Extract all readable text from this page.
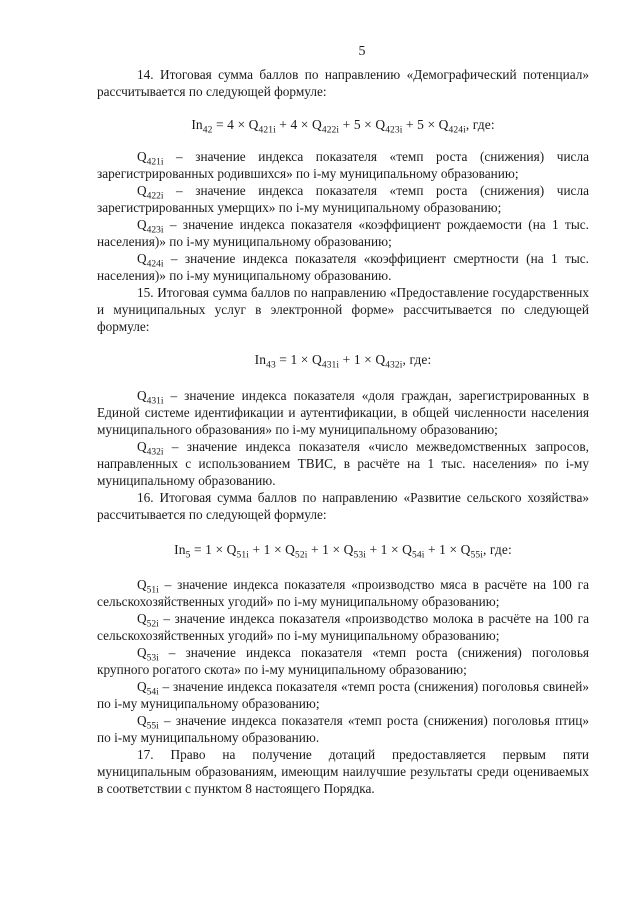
5

14. Итоговая сумма баллов по направлению «Демографический потенциал» рассчитывается по следующей формуле:

$In_{42} = 4 \times Q_{421i} + 4 \times Q_{422i} + 5 \times Q_{423i} + 5 \times Q_{424i}$, где:

$Q_{421i}$ – значение индекса показателя «темп роста (снижения) числа зарегистрированных родившихся» по i-му муниципальному образованию;

$Q_{422i}$ – значение индекса показателя «темп роста (снижения) числа зарегистрированных умерщих» по i-му муниципальному образованию;

$Q_{423i}$ – значение индекса показателя «коэффициент рождаемости (на 1 тыс. населения)» по i-му муниципальному образованию;

$Q_{424i}$ – значение индекса показателя «коэффициент смертности (на 1 тыс. населения)» по i-му муниципальному образованию.

15. Итоговая сумма баллов по направлению «Предоставление государственных и муниципальных услуг в электронной форме» рассчитывается по следующей формуле:

$In_{43} = 1 \times Q_{431i} + 1 \times Q_{432i}$, где:

$Q_{431i}$ – значение индекса показателя «доля граждан, зарегистрированных в Единой системе идентификации и аутентификации, в общей численности населения муниципального образования» по i-му муниципальному образованию;

$Q_{432i}$ – значение индекса показателя «число межведомственных запросов, направленных с использованием ТВИС, в расчёте на 1 тыс. населения» по i-му муниципальному образованию.

16. Итоговая сумма баллов по направлению «Развитие сельского хозяйства» рассчитывается по следующей формуле:

$In_5 = 1 \times Q_{51i} + 1 \times Q_{52i} + 1 \times Q_{53i} + 1 \times Q_{54i} + 1 \times Q_{55i}$, где:

$Q_{51i}$ – значение индекса показателя «производство мяса в расчёте на 100 га сельскохозяйственных угодий» по i-му муниципальному образованию;

$Q_{52i}$ – значение индекса показателя «производство молока в расчёте на 100 га сельскохозяйственных угодий» по i-му муниципальному образованию;

$Q_{53i}$ – значение индекса показателя «темп роста (снижения) поголовья крупного рогатого скота» по i-му муниципальному образованию;

$Q_{54i}$ – значение индекса показателя «темп роста (снижения) поголовья свиней» по i-му муниципальному образованию;

$Q_{55i}$ – значение индекса показателя «темп роста (снижения) поголовья птиц» по i-му муниципальному образованию.

17. Право на получение дотаций предоставляется первым пяти муниципальным образованиям, имеющим наилучшие результаты среди оцениваемых в соответствии с пунктом 8 настоящего Порядка.
